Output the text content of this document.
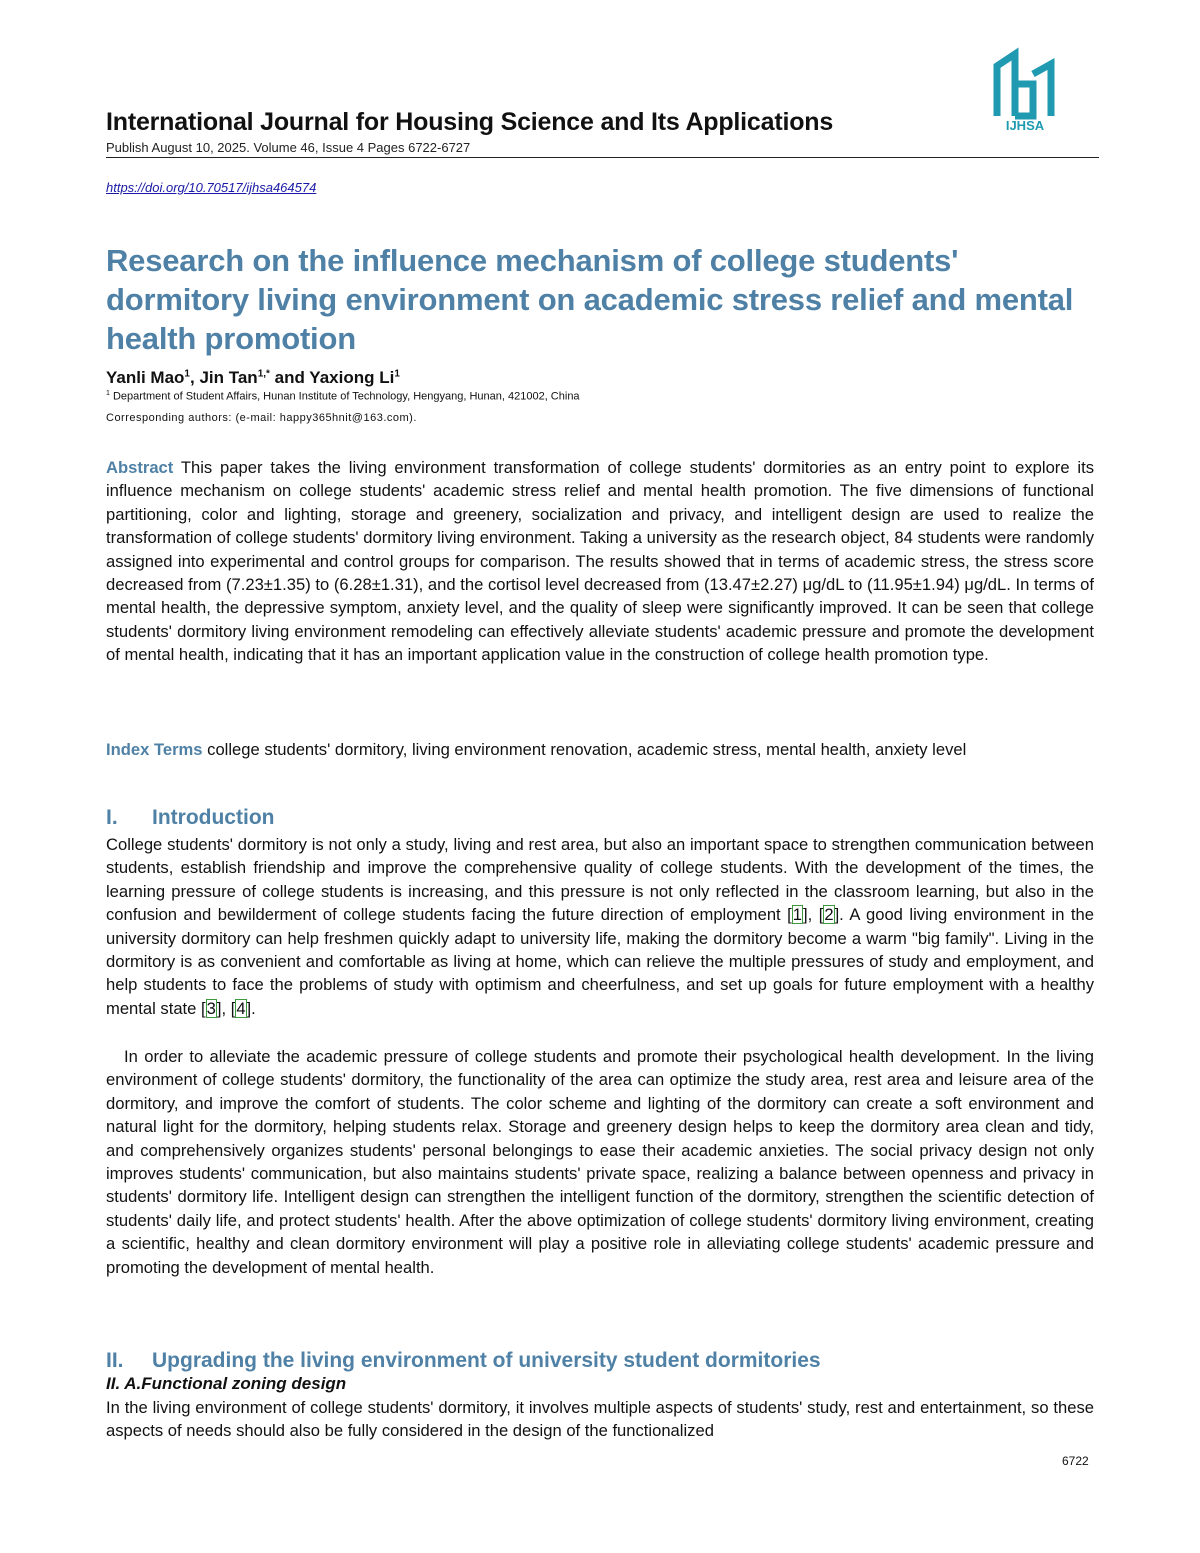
International Journal for Housing Science and Its Applications
Publish August 10, 2025. Volume 46, Issue 4 Pages 6722-6727
IJHSA
https://doi.org/10.70517/ijhsa464574
Research on the influence mechanism of college students' dormitory living environment on academic stress relief and mental health promotion
Yanli Mao$^1$, Jin Tan$^{1,*}$ and Yaxiong Li$^1$
$^1$ Department of Student Affairs, Hunan Institute of Technology, Hengyang, Hunan, 421002, China
Corresponding authors: (e-mail: happy365hnit@163.com).
Abstract This paper takes the living environment transformation of college students' dormitories as an entry point to explore its influence mechanism on college students' academic stress relief and mental health promotion. The five dimensions of functional partitioning, color and lighting, storage and greenery, socialization and privacy, and intelligent design are used to realize the transformation of college students' dormitory living environment. Taking a university as the research object, 84 students were randomly assigned into experimental and control groups for comparison. The results showed that in terms of academic stress, the stress score decreased from (7.23±1.35) to (6.28±1.31), and the cortisol level decreased from (13.47±2.27) μg/dL to (11.95±1.94) μg/dL. In terms of mental health, the depressive symptom, anxiety level, and the quality of sleep were significantly improved. It can be seen that college students' dormitory living environment remodeling can effectively alleviate students' academic pressure and promote the development of mental health, indicating that it has an important application value in the construction of college health promotion type.
Index Terms college students' dormitory, living environment renovation, academic stress, mental health, anxiety level
I. Introduction
College students' dormitory is not only a study, living and rest area, but also an important space to strengthen communication between students, establish friendship and improve the comprehensive quality of college students. With the development of the times, the learning pressure of college students is increasing, and this pressure is not only reflected in the classroom learning, but also in the confusion and bewilderment of college students facing the future direction of employment [1], [2]. A good living environment in the university dormitory can help freshmen quickly adapt to university life, making the dormitory become a warm "big family". Living in the dormitory is as convenient and comfortable as living at home, which can relieve the multiple pressures of study and employment, and help students to face the problems of study with optimism and cheerfulness, and set up goals for future employment with a healthy mental state [3], [4].
In order to alleviate the academic pressure of college students and promote their psychological health development. In the living environment of college students' dormitory, the functionality of the area can optimize the study area, rest area and leisure area of the dormitory, and improve the comfort of students. The color scheme and lighting of the dormitory can create a soft environment and natural light for the dormitory, helping students relax. Storage and greenery design helps to keep the dormitory area clean and tidy, and comprehensively organizes students' personal belongings to ease their academic anxieties. The social privacy design not only improves students' communication, but also maintains students' private space, realizing a balance between openness and privacy in students' dormitory life. Intelligent design can strengthen the intelligent function of the dormitory, strengthen the scientific detection of students' daily life, and protect students' health. After the above optimization of college students' dormitory living environment, creating a scientific, healthy and clean dormitory environment will play a positive role in alleviating college students' academic pressure and promoting the development of mental health.
II. Upgrading the living environment of university student dormitories
II. A.Functional zoning design
In the living environment of college students' dormitory, it involves multiple aspects of students' study, rest and entertainment, so these aspects of needs should also be fully considered in the design of the functionalized
6722
